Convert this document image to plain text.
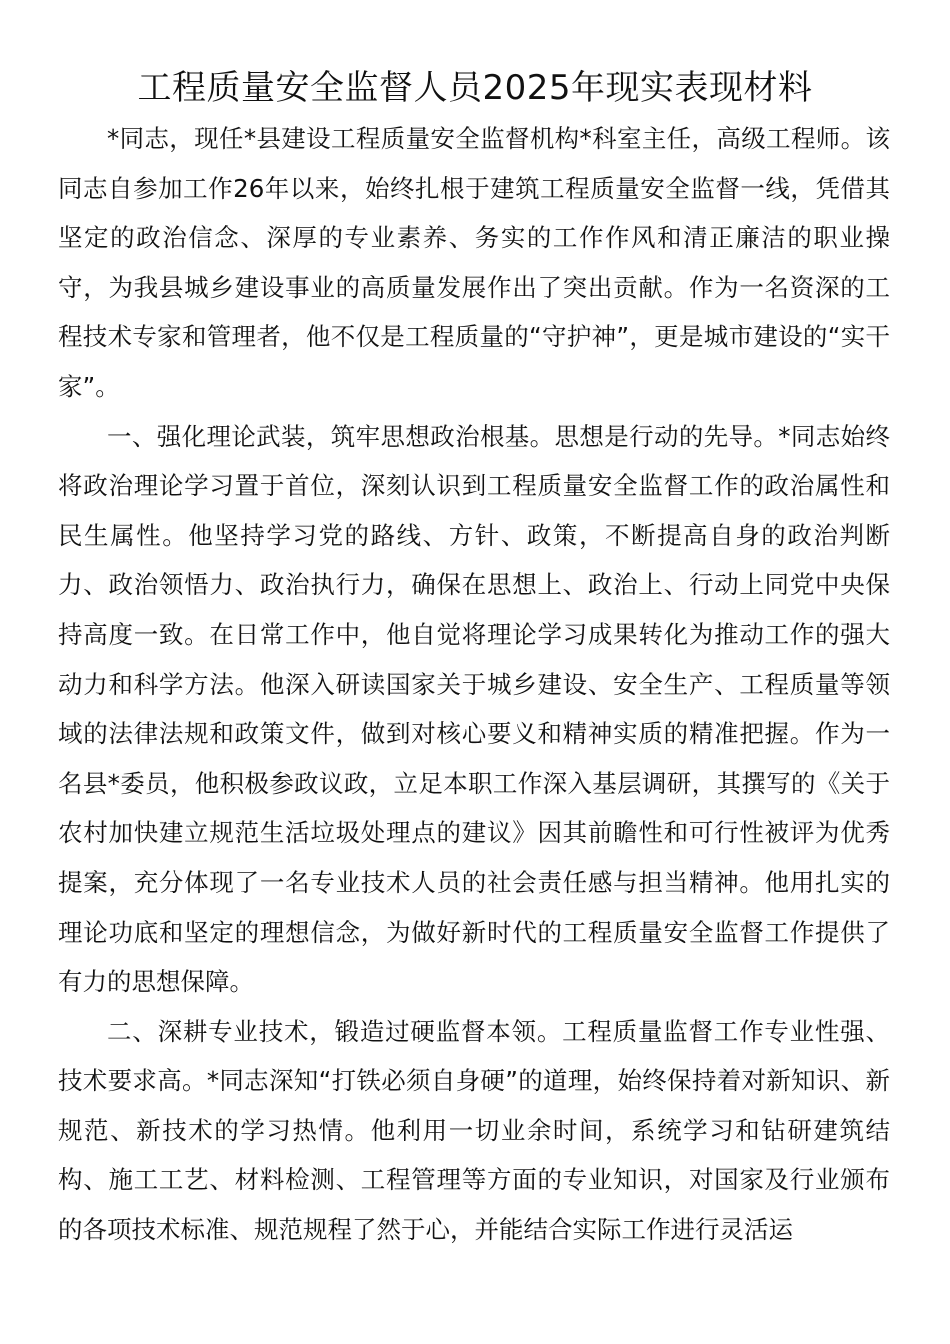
工程质量安全监督人员2025年现实表现材料

*同志，现任*县建设工程质量安全监督机构*科室主任，高级工程师。该同志自参加工作26年以来，始终扎根于建筑工程质量安全监督一线，凭借其坚定的政治信念、深厚的专业素养、务实的工作作风和清正廉洁的职业操守，为我县城乡建设事业的高质量发展作出了突出贡献。作为一名资深的工程技术专家和管理者，他不仅是工程质量的“守护神”，更是城市建设的“实干家”。

一、强化理论武装，筑牢思想政治根基。思想是行动的先导。*同志始终将政治理论学习置于首位，深刻认识到工程质量安全监督工作的政治属性和民生属性。他坚持学习党的路线、方针、政策，不断提高自身的政治判断力、政治领悟力、政治执行力，确保在思想上、政治上、行动上同党中央保持高度一致。在日常工作中，他自觉将理论学习成果转化为推动工作的强大动力和科学方法。他深入研读国家关于城乡建设、安全生产、工程质量等领域的法律法规和政策文件，做到对核心要义和精神实质的精准把握。作为一名县*委员，他积极参政议政，立足本职工作深入基层调研，其撰写的《关于农村加快建立规范生活垃圾处理点的建议》因其前瞻性和可行性被评为优秀提案，充分体现了一名专业技术人员的社会责任感与担当精神。他用扎实的理论功底和坚定的理想信念，为做好新时代的工程质量安全监督工作提供了有力的思想保障。

二、深耕专业技术，锻造过硬监督本领。工程质量监督工作专业性强、技术要求高。*同志深知“打铁必须自身硬”的道理，始终保持着对新知识、新规范、新技术的学习热情。他利用一切业余时间，系统学习和钻研建筑结构、施工工艺、材料检测、工程管理等方面的专业知识，对国家及行业颁布的各项技术标准、规范规程了然于心，并能结合实际工作进行灵活运
